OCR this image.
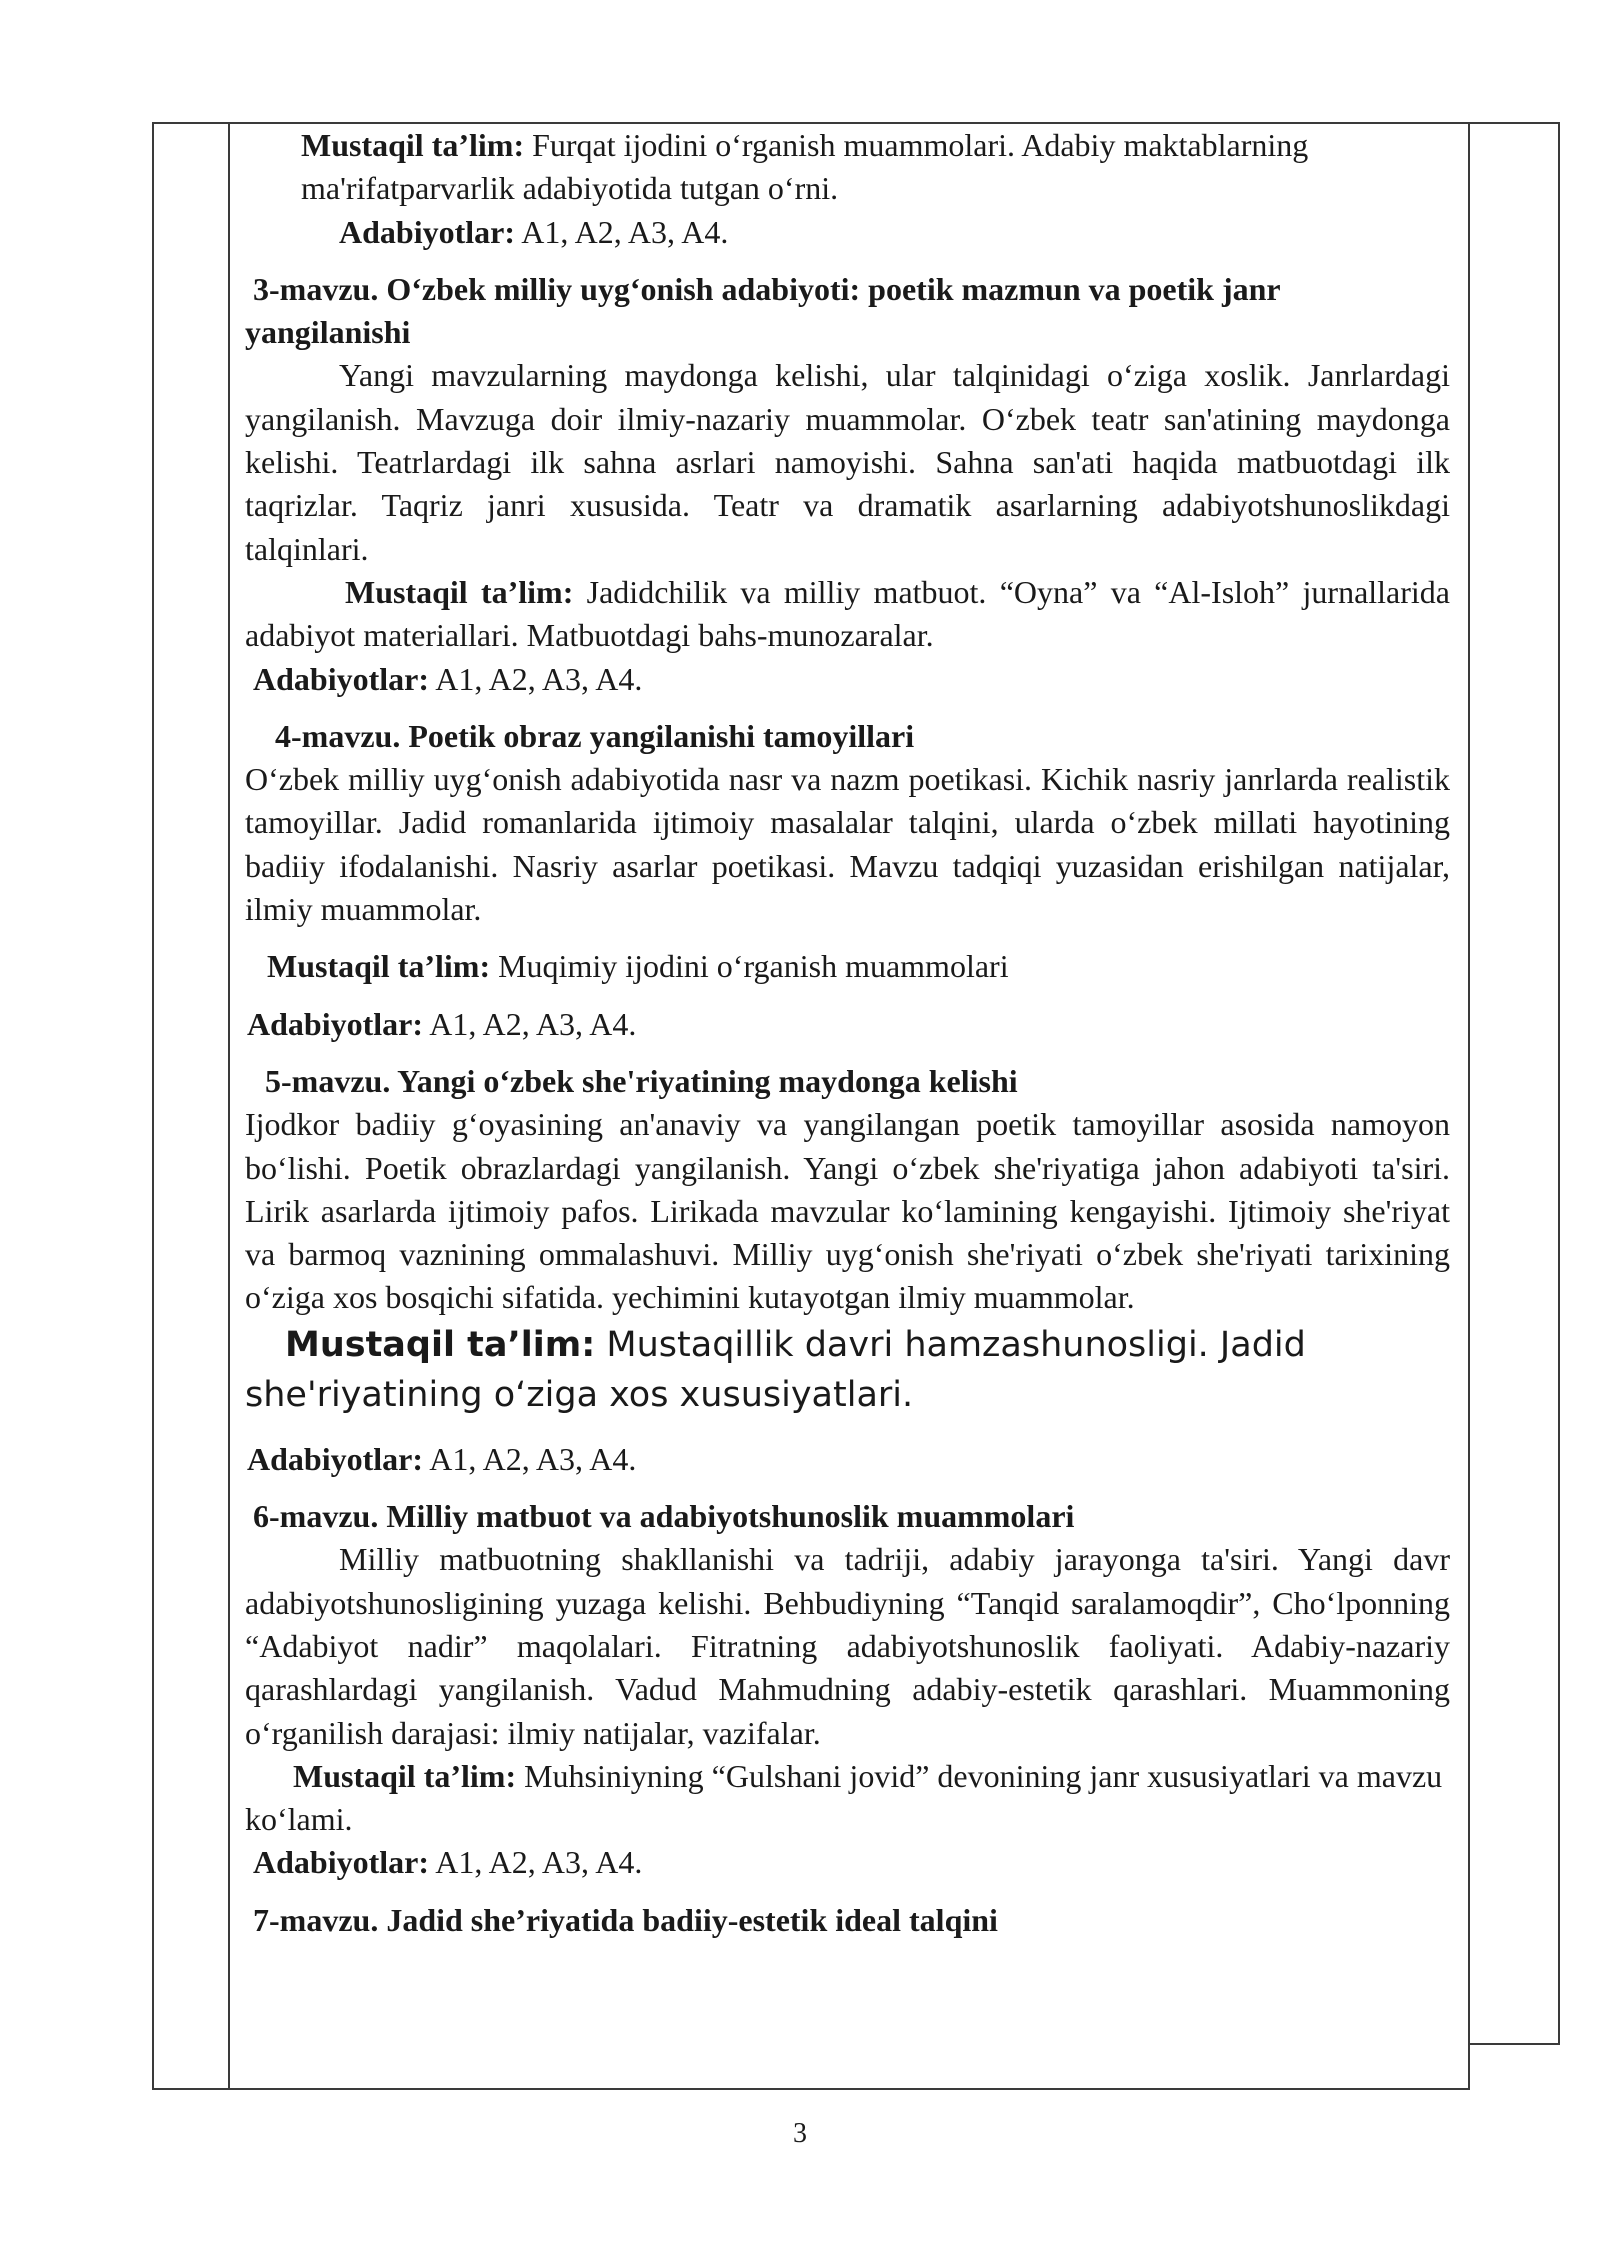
Mustaqil ta’lim: Furqat ijodini o‘rganish muammolari. Adabiy maktablarning ma'rifatparvarlik adabiyotida tutgan o‘rni.

Adabiyotlar: A1, A2, A3, A4.

3-mavzu. O‘zbek milliy uyg‘onish adabiyoti: poetik mazmun va poetik janr yangilanishi

Yangi mavzularning maydonga kelishi, ular talqinidagi o‘ziga xoslik. Janrlardagi yangilanish. Mavzuga doir ilmiy-nazariy muammolar. O‘zbek teatr san'atining maydonga kelishi. Teatrlardagi ilk sahna asrlari namoyishi. Sahna san'ati haqida matbuotdagi ilk taqrizlar. Taqriz janri xususida. Teatr va dramatik asarlarning adabiyotshunoslikdagi talqinlari.

Mustaqil ta’lim: Jadidchilik va milliy matbuot. “Oyna” va “Al-Isloh” jurnallarida adabiyot materiallari. Matbuotdagi bahs-munozaralar.

Adabiyotlar: A1, A2, A3, A4.

4-mavzu. Poetik obraz yangilanishi tamoyillari

O‘zbek milliy uyg‘onish adabiyotida nasr va nazm poetikasi. Kichik nasriy janrlarda realistik tamoyillar. Jadid romanlarida ijtimoiy masalalar talqini, ularda o‘zbek millati hayotining badiiy ifodalanishi. Nasriy asarlar poetikasi. Mavzu tadqiqi yuzasidan erishilgan natijalar, ilmiy muammolar.

Mustaqil ta’lim: Muqimiy ijodini o‘rganish muammolari

Adabiyotlar: A1, A2, A3, A4.

5-mavzu. Yangi o‘zbek she'riyatining maydonga kelishi

Ijodkor badiiy g‘oyasining an'anaviy va yangilangan poetik tamoyillar asosida namoyon bo‘lishi. Poetik obrazlardagi yangilanish. Yangi o‘zbek she'riyatiga jahon adabiyoti ta'siri. Lirik asarlarda ijtimoiy pafos. Lirikada mavzular ko‘lamining kengayishi. Ijtimoiy she'riyat va barmoq vaznining ommalashuvi. Milliy uyg‘onish she'riyati o‘zbek she'riyati tarixining o‘ziga xos bosqichi sifatida. yechimini kutayotgan ilmiy muammolar.

Mustaqil ta’lim: Mustaqillik davri hamzashunosligi. Jadid she'riyatining o‘ziga xos xususiyatlari.

Adabiyotlar: A1, A2, A3, A4.

6-mavzu. Milliy matbuot va adabiyotshunoslik muammolari

Milliy matbuotning shakllanishi va tadriji, adabiy jarayonga ta'siri. Yangi davr adabiyotshunosligining yuzaga kelishi. Behbudiyning “Tanqid saralamoqdir”, Cho‘lponning “Adabiyot nadir” maqolalari. Fitratning adabiyotshunoslik faoliyati. Adabiy-nazariy qarashlardagi yangilanish. Vadud Mahmudning adabiy-estetik qarashlari. Muammoning o‘rganilish darajasi: ilmiy natijalar, vazifalar.

Mustaqil ta’lim: Muhsiniyning “Gulshani jovid” devonining janr xususiyatlari va mavzu ko‘lami.

Adabiyotlar: A1, A2, A3, A4.

7-mavzu. Jadid she’riyatida badiiy-estetik ideal talqini

3
